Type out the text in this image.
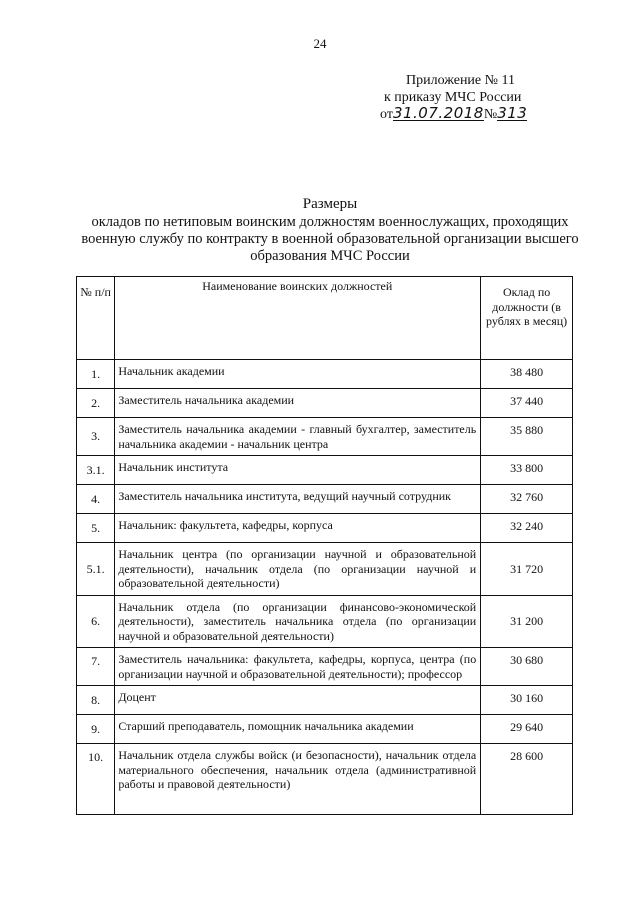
24
Приложение № 11
к приказу МЧС России
от31.07.2018№313
Размеры
окладов по нетиповым воинским должностям военнослужащих, проходящих
военную службу по контракту в военной образовательной организации высшего
образования МЧС России
№ п/п	Наименование воинских должностей	Оклад по должности (в рублях в месяц)
1.	Начальник академии	38 480
2.	Заместитель начальника академии	37 440
3.	Заместитель начальника академии - главный бухгалтер, заместитель начальника академии - начальник центра	35 880
3.1.	Начальник института	33 800
4.	Заместитель начальника института, ведущий научный сотрудник	32 760
5.	Начальник: факультета, кафедры, корпуса	32 240
5.1.	Начальник центра (по организации научной и образовательной деятельности), начальник отдела (по организации научной и образовательной деятельности)	31 720
6.	Начальник отдела (по организации финансово-экономической деятельности), заместитель начальника отдела (по организации научной и образовательной деятельности)	31 200
7.	Заместитель начальника: факультета, кафедры, корпуса, центра (по организации научной и образовательной деятельности); профессор	30 680
8.	Доцент	30 160
9.	Старший преподаватель, помощник начальника академии	29 640
10.	Начальник отдела службы войск (и безопасности), начальник отдела материального обеспечения, начальник отдела (административной работы и правовой деятельности)	28 600
